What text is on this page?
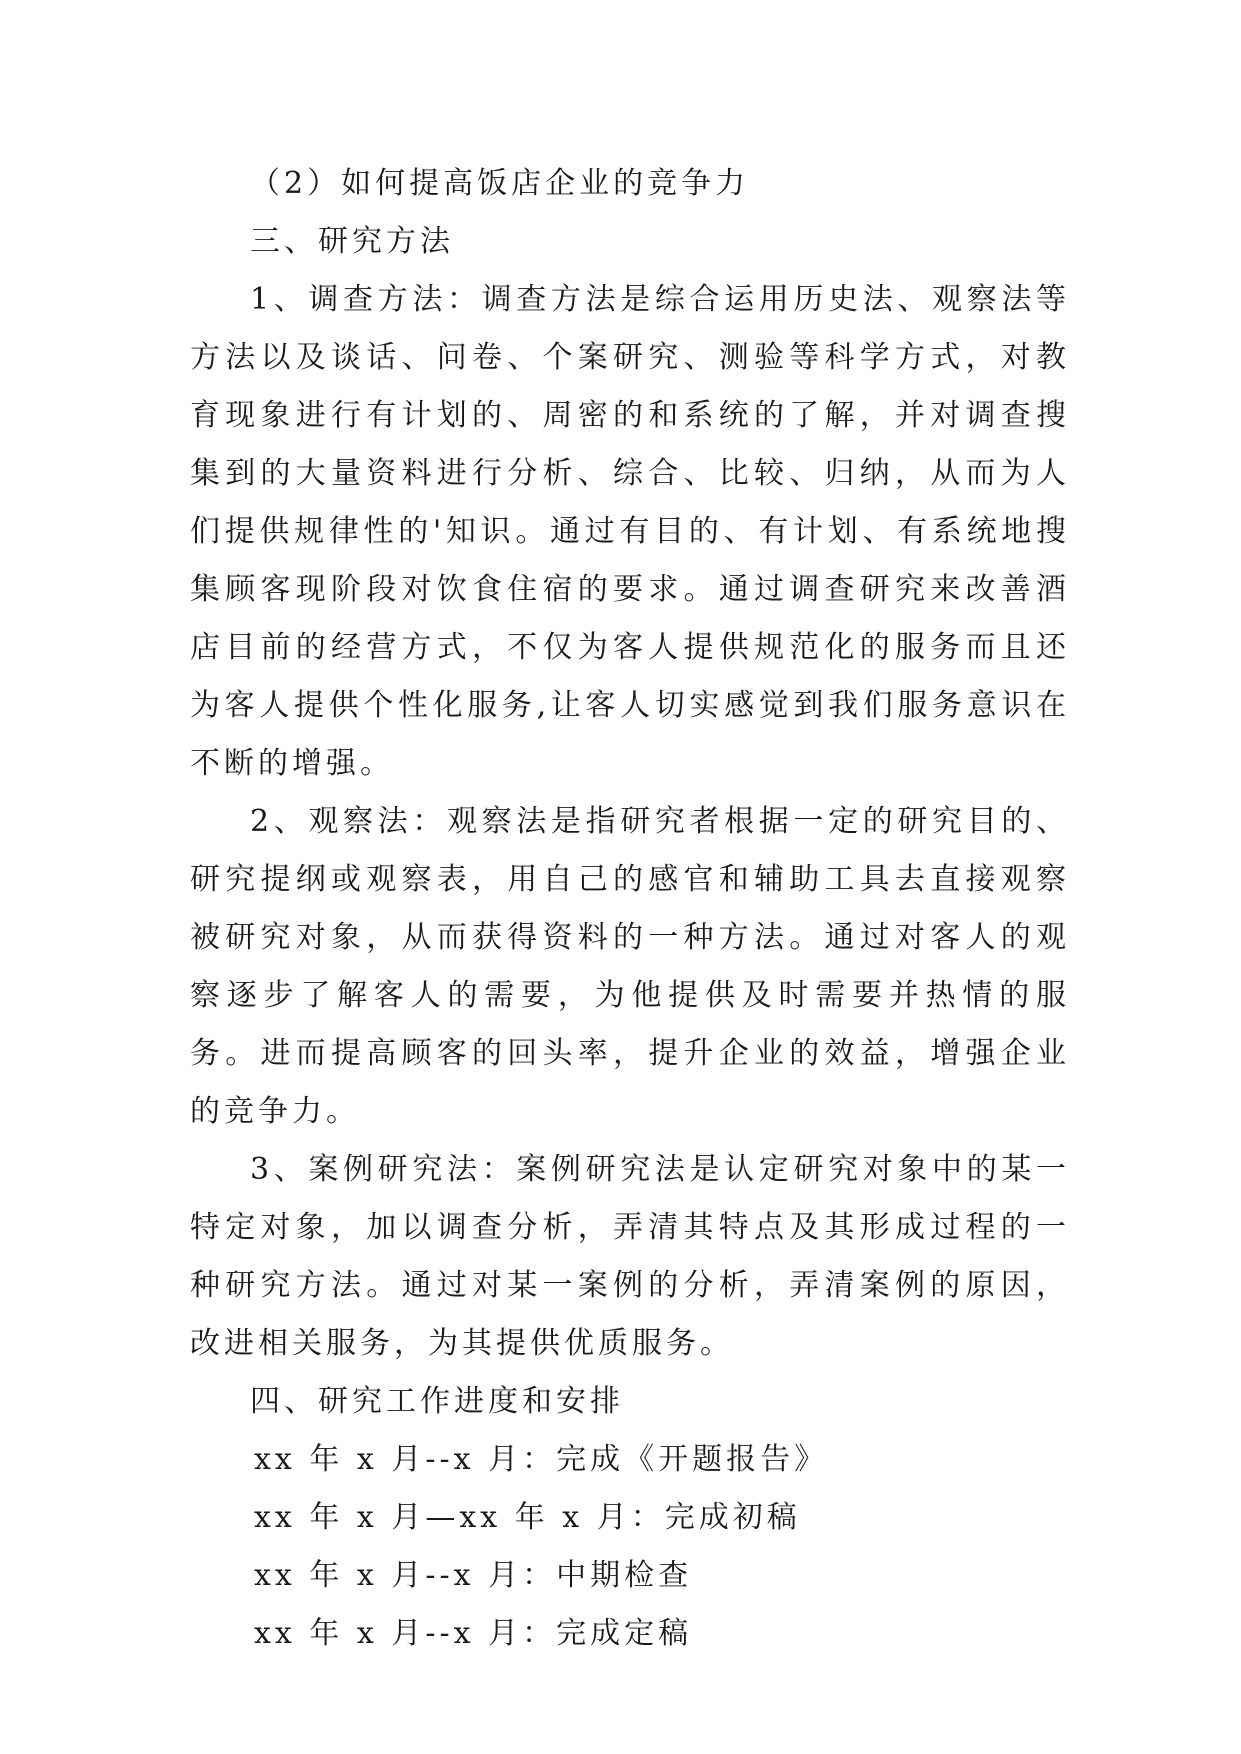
（2）如何提高饭店企业的竞争力

三、研究方法

1、调查方法：调查方法是综合运用历史法、观察法等方法以及谈话、问卷、个案研究、测验等科学方式，对教育现象进行有计划的、周密的和系统的了解，并对调查搜集到的大量资料进行分析、综合、比较、归纳，从而为人们提供规律性的'知识。通过有目的、有计划、有系统地搜集顾客现阶段对饮食住宿的要求。通过调查研究来改善酒店目前的经营方式，不仅为客人提供规范化的服务而且还为客人提供个性化服务,让客人切实感觉到我们服务意识在不断的增强。

2、观察法：观察法是指研究者根据一定的研究目的、研究提纲或观察表，用自己的感官和辅助工具去直接观察被研究对象，从而获得资料的一种方法。通过对客人的观察逐步了解客人的需要，为他提供及时需要并热情的服务。进而提高顾客的回头率，提升企业的效益，增强企业的竞争力。

3、案例研究法：案例研究法是认定研究对象中的某一特定对象，加以调查分析，弄清其特点及其形成过程的一种研究方法。通过对某一案例的分析，弄清案例的原因，改进相关服务，为其提供优质服务。

四、研究工作进度和安排

xx 年 x 月--x 月：完成《开题报告》

xx 年 x 月—xx 年 x 月：完成初稿

xx 年 x 月--x 月：中期检查

xx 年 x 月--x 月：完成定稿
